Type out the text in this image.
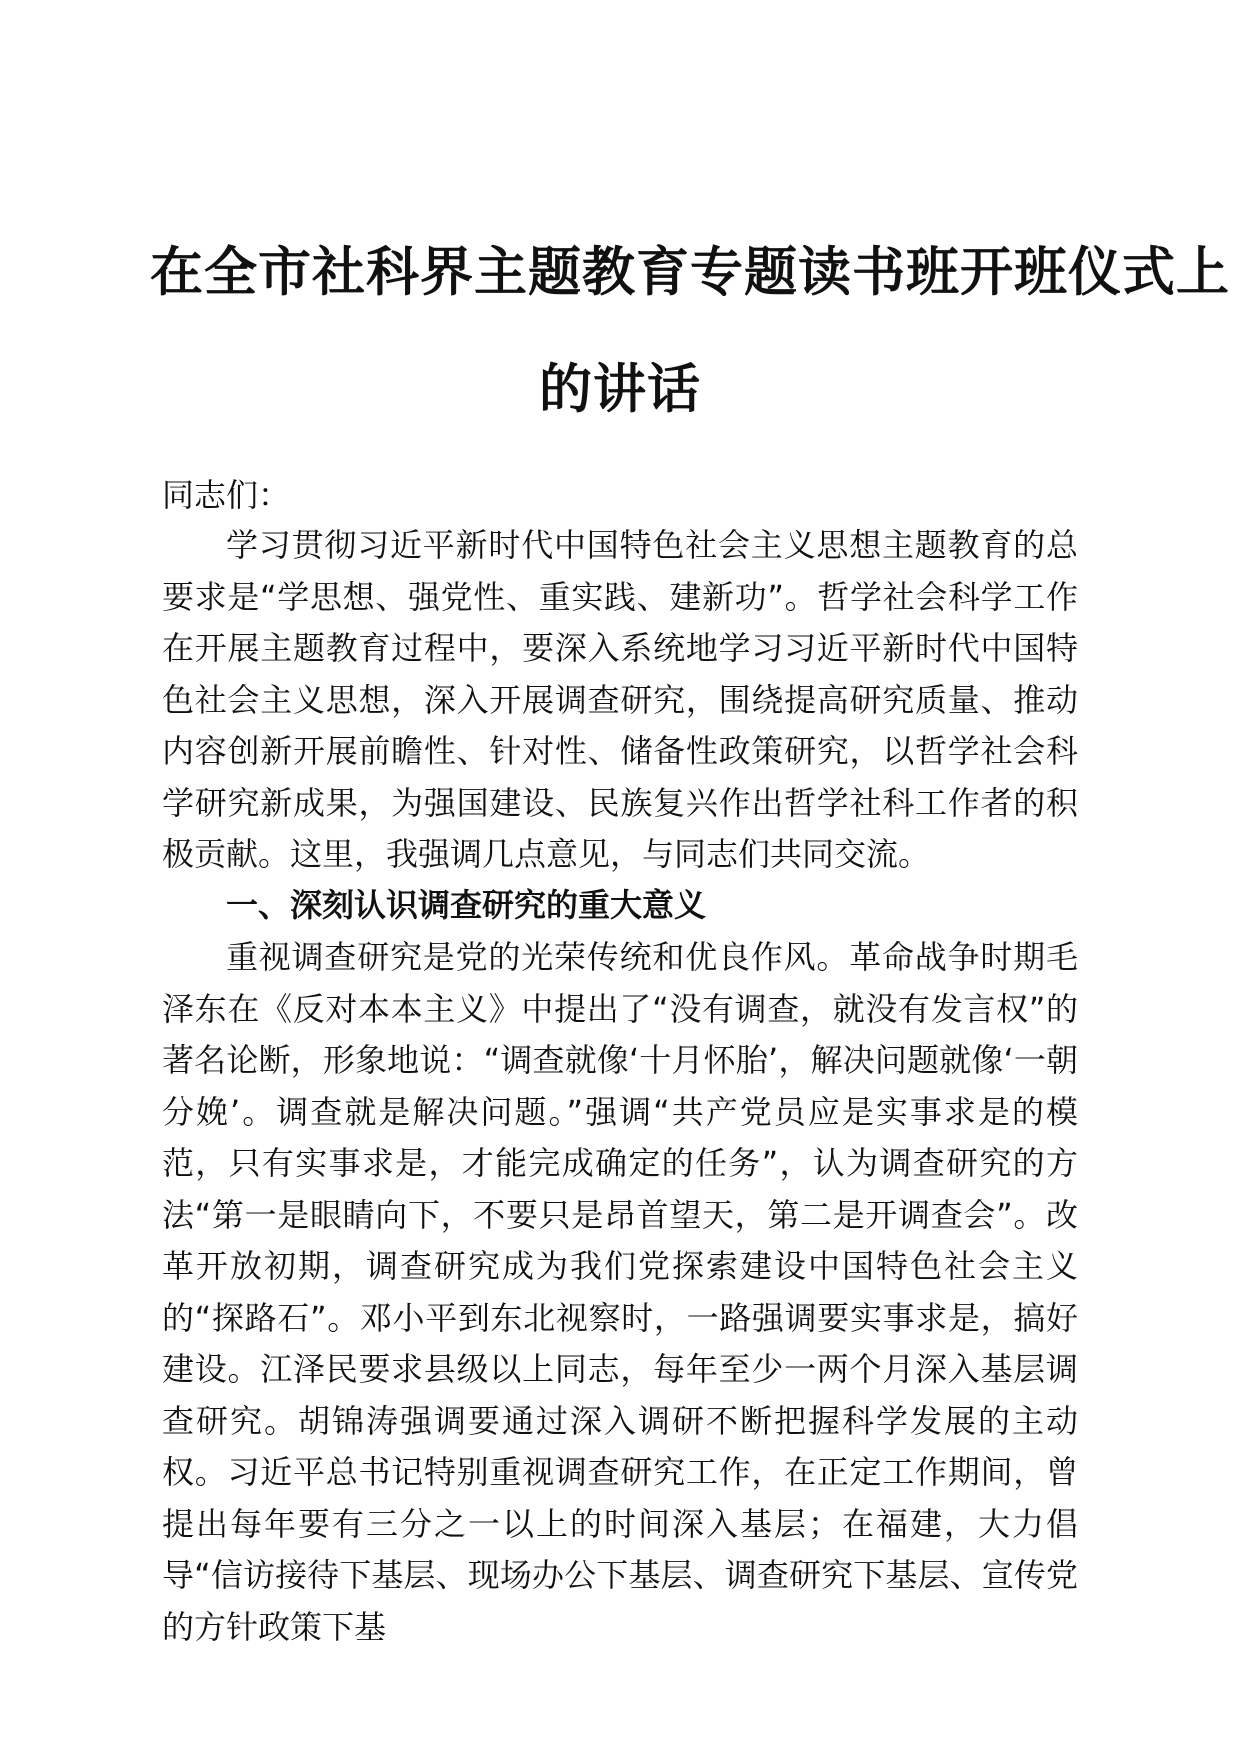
在全市社科界主题教育专题读书班开班仪式上
的讲话
同志们：
学习贯彻习近平新时代中国特色社会主义思想主题教育的总要求是“学思想、强党性、重实践、建新功”。哲学社会科学工作在开展主题教育过程中，要深入系统地学习习近平新时代中国特色社会主义思想，深入开展调查研究，围绕提高研究质量、推动内容创新开展前瞻性、针对性、储备性政策研究，以哲学社会科学研究新成果，为强国建设、民族复兴作出哲学社科工作者的积极贡献。这里，我强调几点意见，与同志们共同交流。
一、深刻认识调查研究的重大意义
重视调查研究是党的光荣传统和优良作风。革命战争时期毛泽东在《反对本本主义》中提出了“没有调查，就没有发言权”的著名论断，形象地说：“调查就像‘十月怀胎’，解决问题就像‘一朝分娩’。调查就是解决问题。”强调“共产党员应是实事求是的模范，只有实事求是，才能完成确定的任务”，认为调查研究的方法“第一是眼睛向下，不要只是昂首望天，第二是开调查会”。改革开放初期，调查研究成为我们党探索建设中国特色社会主义的“探路石”。邓小平到东北视察时，一路强调要实事求是，搞好建设。江泽民要求县级以上同志，每年至少一两个月深入基层调查研究。胡锦涛强调要通过深入调研不断把握科学发展的主动权。习近平总书记特别重视调查研究工作，在正定工作期间，曾提出每年要有三分之一以上的时间深入基层；在福建，大力倡导“信访接待下基层、现场办公下基层、调查研究下基层、宣传党的方针政策下基
